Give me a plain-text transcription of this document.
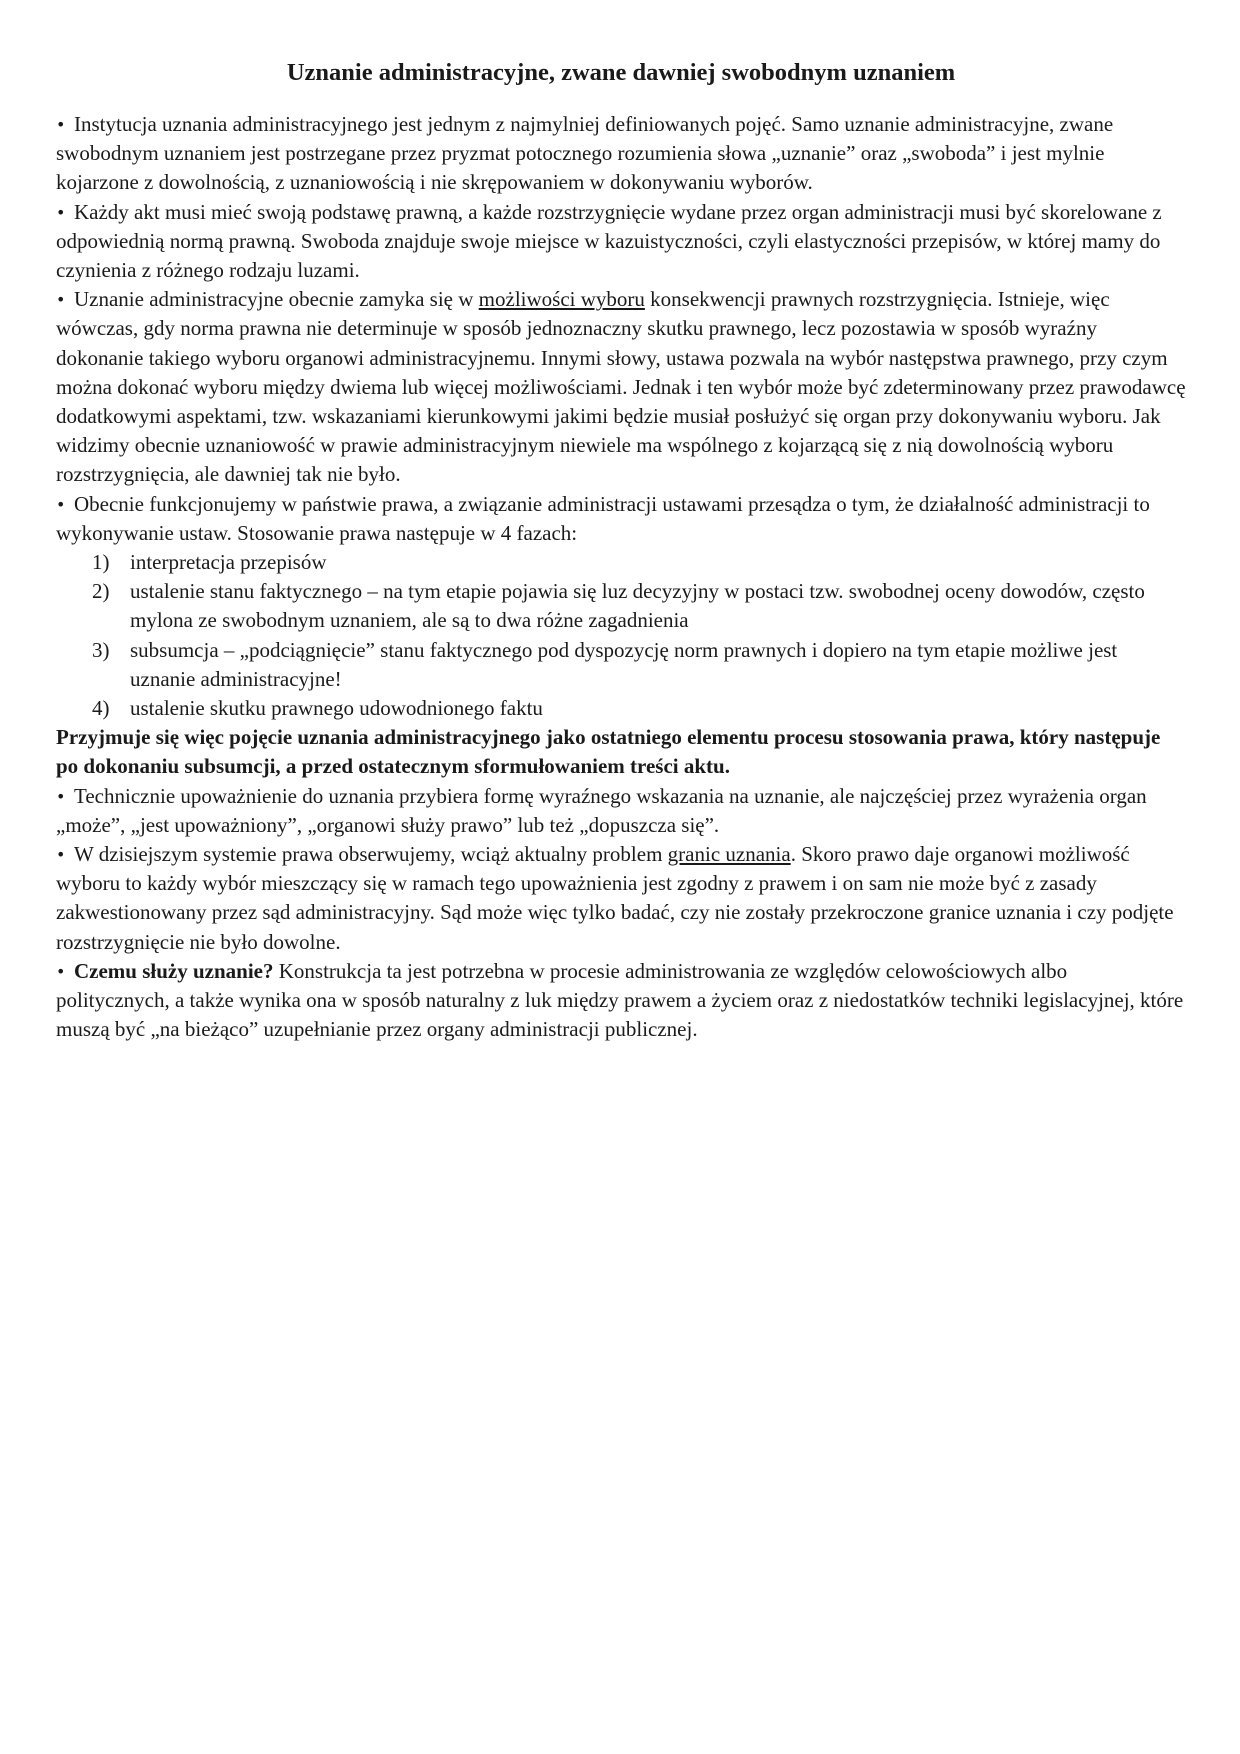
Uznanie administracyjne, zwane dawniej swobodnym uznaniem

• Instytucja uznania administracyjnego jest jednym z najmylniej definiowanych pojęć. Samo uznanie administracyjne, zwane swobodnym uznaniem jest postrzegane przez pryzmat potocznego rozumienia słowa „uznanie” oraz „swoboda” i jest mylnie kojarzone z dowolnością, z uznaniowością i nie skrępowaniem w dokonywaniu wyborów.

• Każdy akt musi mieć swoją podstawę prawną, a każde rozstrzygnięcie wydane przez organ administracji musi być skorelowane z odpowiednią normą prawną. Swoboda znajduje swoje miejsce w kazuistyczności, czyli elastyczności przepisów, w której mamy do czynienia z różnego rodzaju luzami.

• Uznanie administracyjne obecnie zamyka się w możliwości wyboru konsekwencji prawnych rozstrzygnięcia. Istnieje, więc wówczas, gdy norma prawna nie determinuje w sposób jednoznaczny skutku prawnego, lecz pozostawia w sposób wyraźny dokonanie takiego wyboru organowi administracyjnemu. Innymi słowy, ustawa pozwala na wybór następstwa prawnego, przy czym można dokonać wyboru między dwiema lub więcej możliwościami. Jednak i ten wybór może być zdeterminowany przez prawodawcę dodatkowymi aspektami, tzw. wskazaniami kierunkowymi jakimi będzie musiał posłużyć się organ przy dokonywaniu wyboru. Jak widzimy obecnie uznaniowość w prawie administracyjnym niewiele ma wspólnego z kojarzącą się z nią dowolnością wyboru rozstrzygnięcia, ale dawniej tak nie było.

• Obecnie funkcjonujemy w państwie prawa, a związanie administracji ustawami przesądza o tym, że działalność administracji to wykonywanie ustaw. Stosowanie prawa następuje w 4 fazach:

1) interpretacja przepisów
2) ustalenie stanu faktycznego – na tym etapie pojawia się luz decyzyjny w postaci tzw. swobodnej oceny dowodów, często mylona ze swobodnym uznaniem, ale są to dwa różne zagadnienia
3) subsumcja – „podciągnięcie” stanu faktycznego pod dyspozycję norm prawnych i dopiero na tym etapie możliwe jest uznanie administracyjne!
4) ustalenie skutku prawnego udowodnionego faktu

Przyjmuje się więc pojęcie uznania administracyjnego jako ostatniego elementu procesu stosowania prawa, który następuje po dokonaniu subsumcji, a przed ostatecznym sformułowaniem treści aktu.

• Technicznie upoważnienie do uznania przybiera formę wyraźnego wskazania na uznanie, ale najczęściej przez wyrażenia organ „może”, „jest upoważniony”, „organowi służy prawo” lub też „dopuszcza się”.

• W dzisiejszym systemie prawa obserwujemy, wciąż aktualny problem granic uznania. Skoro prawo daje organowi możliwość wyboru to każdy wybór mieszczący się w ramach tego upoważnienia jest zgodny z prawem i on sam nie może być z zasady zakwestionowany przez sąd administracyjny. Sąd może więc tylko badać, czy nie zostały przekroczone granice uznania i czy podjęte rozstrzygnięcie nie było dowolne.

• Czemu służy uznanie? Konstrukcja ta jest potrzebna w procesie administrowania ze względów celowościowych albo politycznych, a także wynika ona w sposób naturalny z luk między prawem a życiem oraz z niedostatków techniki legislacyjnej, które muszą być „na bieżąco” uzupełnianie przez organy administracji publicznej.
